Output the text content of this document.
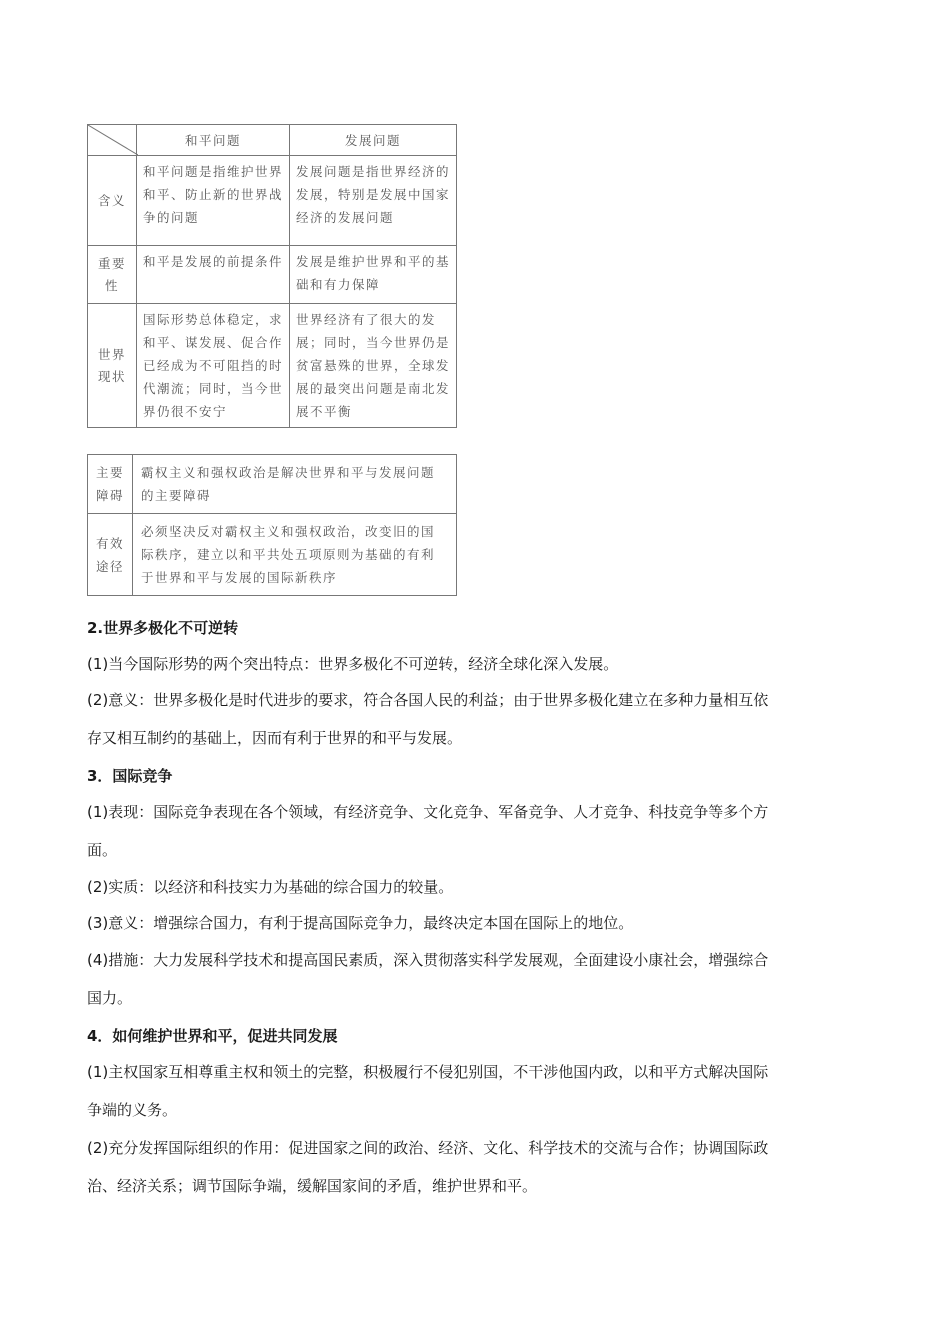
	和平问题	发展问题
含义	和平问题是指维护世界和平、防止新的世界战争的问题	发展问题是指世界经济的发展，特别是发展中国家经济的发展问题
重要性	和平是发展的前提条件	发展是维护世界和平的基础和有力保障
世界现状	国际形势总体稳定，求和平、谋发展、促合作已经成为不可阻挡的时代潮流；同时，当今世界仍很不安宁	世界经济有了很大的发展；同时，当今世界仍是贫富悬殊的世界，全球发展的最突出问题是南北发展不平衡
主要障碍	霸权主义和强权政治是解决世界和平与发展问题的主要障碍
有效途径	必须坚决反对霸权主义和强权政治，改变旧的国际秩序，建立以和平共处五项原则为基础的有利于世界和平与发展的国际新秩序
2.世界多极化不可逆转
(1)当今国际形势的两个突出特点：世界多极化不可逆转，经济全球化深入发展。
(2)意义：世界多极化是时代进步的要求，符合各国人民的利益；由于世界多极化建立在多种力量相互依
存又相互制约的基础上，因而有利于世界的和平与发展。
3．国际竞争
(1)表现：国际竞争表现在各个领域，有经济竞争、文化竞争、军备竞争、人才竞争、科技竞争等多个方
面。
(2)实质：以经济和科技实力为基础的综合国力的较量。
(3)意义：增强综合国力，有利于提高国际竞争力，最终决定本国在国际上的地位。
(4)措施：大力发展科学技术和提高国民素质，深入贯彻落实科学发展观，全面建设小康社会，增强综合
国力。
4．如何维护世界和平，促进共同发展
(1)主权国家互相尊重主权和领土的完整，积极履行不侵犯别国，不干涉他国内政，以和平方式解决国际
争端的义务。
(2)充分发挥国际组织的作用：促进国家之间的政治、经济、文化、科学技术的交流与合作；协调国际政
治、经济关系；调节国际争端，缓解国家间的矛盾，维护世界和平。
